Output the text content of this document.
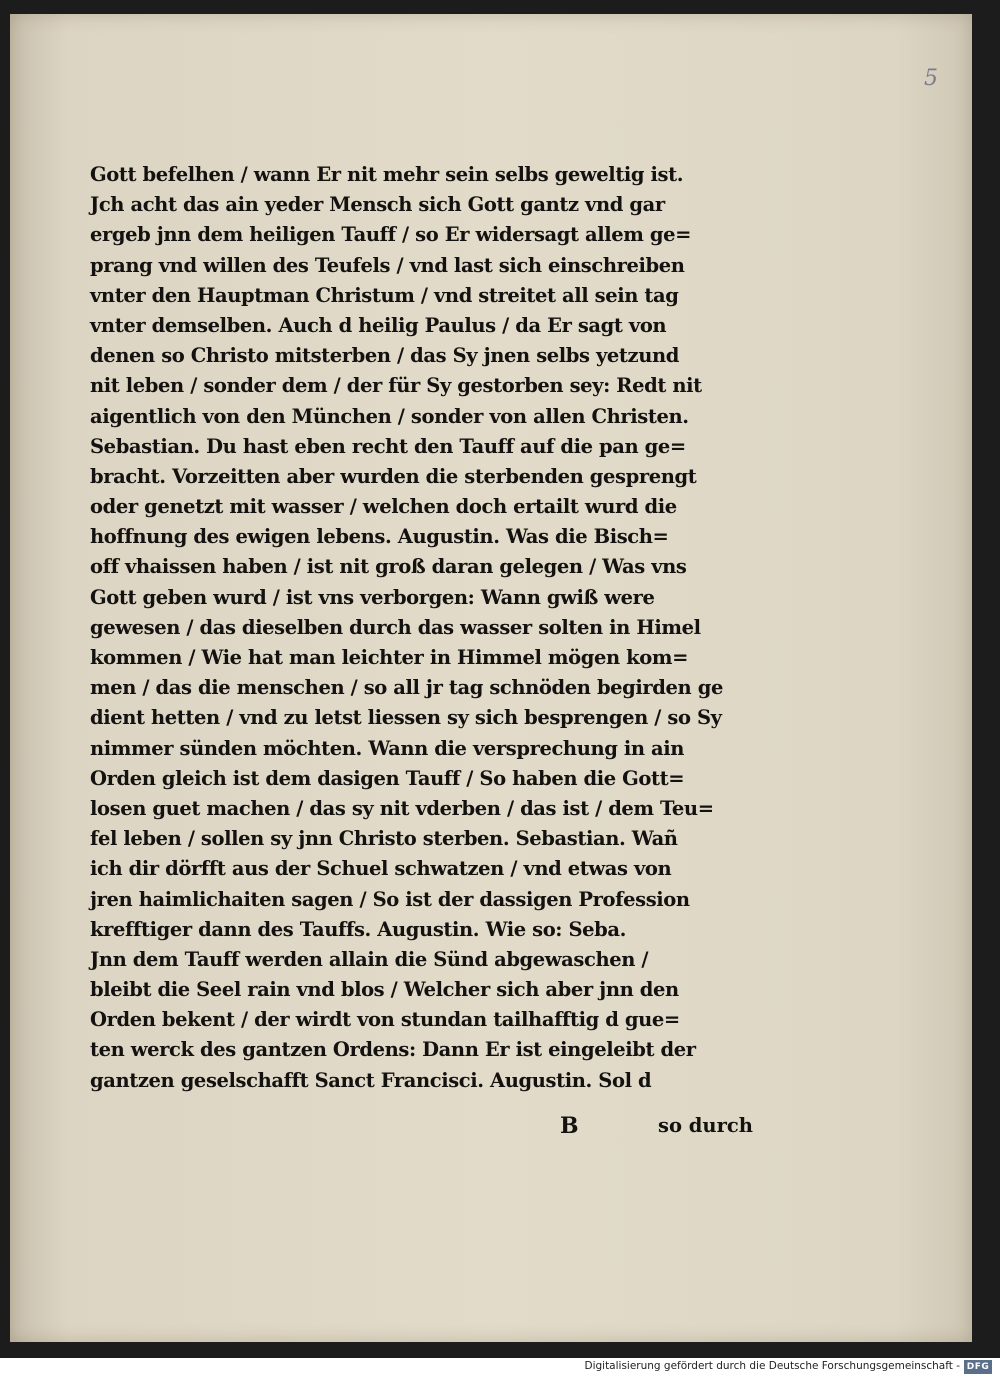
5
Gott befelhen / wann Er nit mehr sein selbs geweltig ist.
Jch acht das ain yeder Mensch sich Gott gantz vnd gar
ergeb jnn dem heiligen Tauff / so Er widersagt allem ge=
prang vnd willen des Teufels / vnd last sich einschreiben
vnter den Hauptman Christum / vnd streitet all sein tag
vnter demselben. Auch d heilig Paulus / da Er sagt von
denen so Christo mitsterben / das Sy jnen selbs yetzund
nit leben / sonder dem / der für Sy gestorben sey: Redt nit
aigentlich von den München / sonder von allen Christen.
Sebastian. Du hast eben recht den Tauff auf die pan ge=
bracht. Vorzeitten aber wurden die sterbenden gesprengt
oder genetzt mit wasser / welchen doch ertailt wurd die
hoffnung des ewigen lebens. Augustin. Was die Bisch=
off vhaissen haben / ist nit groß daran gelegen / Was vns
Gott geben wurd / ist vns verborgen: Wann gwiß were
gewesen / das dieselben durch das wasser solten in Himel
kommen / Wie hat man leichter in Himmel mögen kom=
men / das die menschen / so all jr tag schnöden begirden ge
dient hetten / vnd zu letst liessen sy sich besprengen / so Sy
nimmer sünden möchten. Wann die versprechung in ain
Orden gleich ist dem dasigen Tauff / So haben die Gott=
losen guet machen / das sy nit vderben / das ist / dem Teu=
fel leben / sollen sy jnn Christo sterben. Sebastian. Wañ
ich dir dörfft aus der Schuel schwatzen / vnd etwas von
jren haimlichaiten sagen / So ist der dassigen Profession
krefftiger dann des Tauffs. Augustin. Wie so: Seba.
Jnn dem Tauff werden allain die Sünd abgewaschen /
bleibt die Seel rain vnd blos / Welcher sich aber jnn den
Orden bekent / der wirdt von stundan tailhafftig d gue=
ten werck des gantzen Ordens: Dann Er ist eingeleibt der
gantzen geselschafft Sanct Francisci. Augustin. Sol d
B	so durch
Digitalisierung gefördert durch die Deutsche Forschungsgemeinschaft - DFG
